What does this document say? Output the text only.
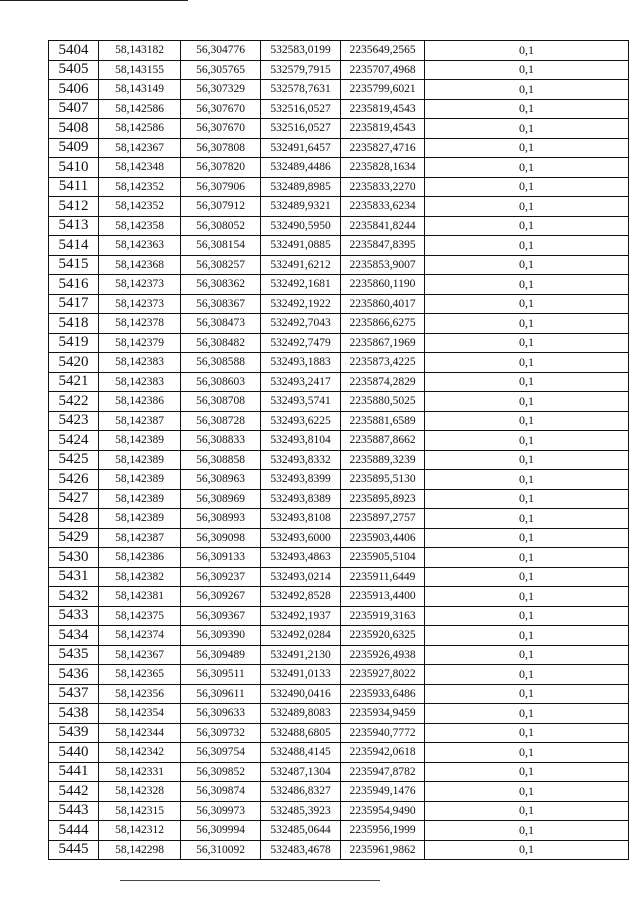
5404	58,143182	56,304776	532583,0199	2235649,2565	0,1
5405	58,143155	56,305765	532579,7915	2235707,4968	0,1
5406	58,143149	56,307329	532578,7631	2235799,6021	0,1
5407	58,142586	56,307670	532516,0527	2235819,4543	0,1
5408	58,142586	56,307670	532516,0527	2235819,4543	0,1
5409	58,142367	56,307808	532491,6457	2235827,4716	0,1
5410	58,142348	56,307820	532489,4486	2235828,1634	0,1
5411	58,142352	56,307906	532489,8985	2235833,2270	0,1
5412	58,142352	56,307912	532489,9321	2235833,6234	0,1
5413	58,142358	56,308052	532490,5950	2235841,8244	0,1
5414	58,142363	56,308154	532491,0885	2235847,8395	0,1
5415	58,142368	56,308257	532491,6212	2235853,9007	0,1
5416	58,142373	56,308362	532492,1681	2235860,1190	0,1
5417	58,142373	56,308367	532492,1922	2235860,4017	0,1
5418	58,142378	56,308473	532492,7043	2235866,6275	0,1
5419	58,142379	56,308482	532492,7479	2235867,1969	0,1
5420	58,142383	56,308588	532493,1883	2235873,4225	0,1
5421	58,142383	56,308603	532493,2417	2235874,2829	0,1
5422	58,142386	56,308708	532493,5741	2235880,5025	0,1
5423	58,142387	56,308728	532493,6225	2235881,6589	0,1
5424	58,142389	56,308833	532493,8104	2235887,8662	0,1
5425	58,142389	56,308858	532493,8332	2235889,3239	0,1
5426	58,142389	56,308963	532493,8399	2235895,5130	0,1
5427	58,142389	56,308969	532493,8389	2235895,8923	0,1
5428	58,142389	56,308993	532493,8108	2235897,2757	0,1
5429	58,142387	56,309098	532493,6000	2235903,4406	0,1
5430	58,142386	56,309133	532493,4863	2235905,5104	0,1
5431	58,142382	56,309237	532493,0214	2235911,6449	0,1
5432	58,142381	56,309267	532492,8528	2235913,4400	0,1
5433	58,142375	56,309367	532492,1937	2235919,3163	0,1
5434	58,142374	56,309390	532492,0284	2235920,6325	0,1
5435	58,142367	56,309489	532491,2130	2235926,4938	0,1
5436	58,142365	56,309511	532491,0133	2235927,8022	0,1
5437	58,142356	56,309611	532490,0416	2235933,6486	0,1
5438	58,142354	56,309633	532489,8083	2235934,9459	0,1
5439	58,142344	56,309732	532488,6805	2235940,7772	0,1
5440	58,142342	56,309754	532488,4145	2235942,0618	0,1
5441	58,142331	56,309852	532487,1304	2235947,8782	0,1
5442	58,142328	56,309874	532486,8327	2235949,1476	0,1
5443	58,142315	56,309973	532485,3923	2235954,9490	0,1
5444	58,142312	56,309994	532485,0644	2235956,1999	0,1
5445	58,142298	56,310092	532483,4678	2235961,9862	0,1
